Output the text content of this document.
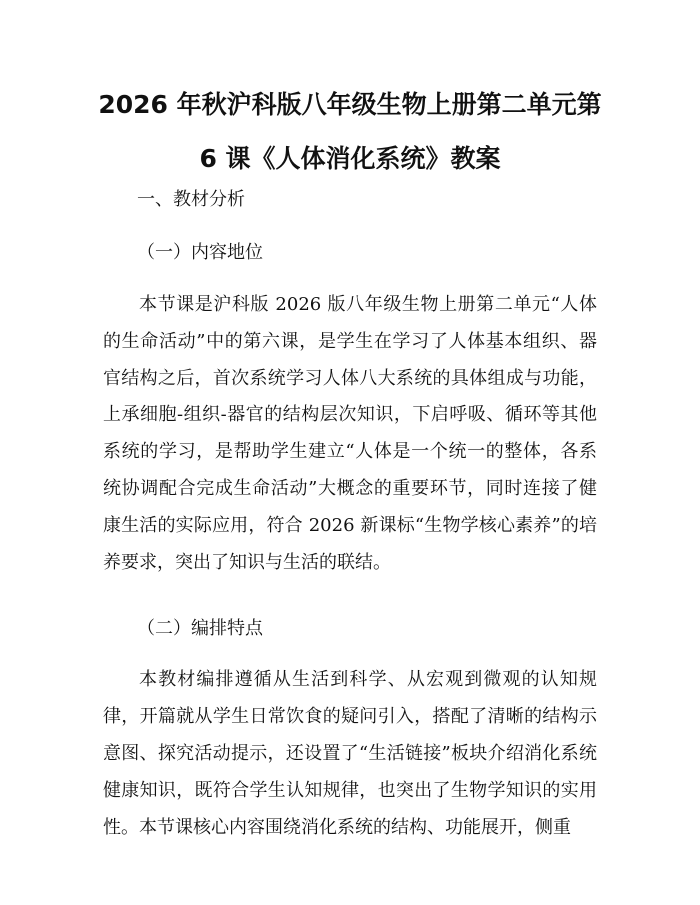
2026 年秋沪科版八年级生物上册第二单元第
6 课《人体消化系统》教案
一、教材分析
（一）内容地位

本节课是沪科版 2026 版八年级生物上册第二单元“人体的生命活动”中的第六课，是学生在学习了人体基本组织、器官结构之后，首次系统学习人体八大系统的具体组成与功能，上承细胞-组织-器官的结构层次知识，下启呼吸、循环等其他系统的学习，是帮助学生建立“人体是一个统一的整体，各系统协调配合完成生命活动”大概念的重要环节，同时连接了健康生活的实际应用，符合 2026 新课标“生物学核心素养”的培养要求，突出了知识与生活的联结。

（二）编排特点

本教材编排遵循从生活到科学、从宏观到微观的认知规律，开篇就从学生日常饮食的疑问引入，搭配了清晰的结构示意图、探究活动提示，还设置了“生活链接”板块介绍消化系统健康知识，既符合学生认知规律，也突出了生物学知识的实用性。本节课核心内容围绕消化系统的结构、功能展开，侧重
